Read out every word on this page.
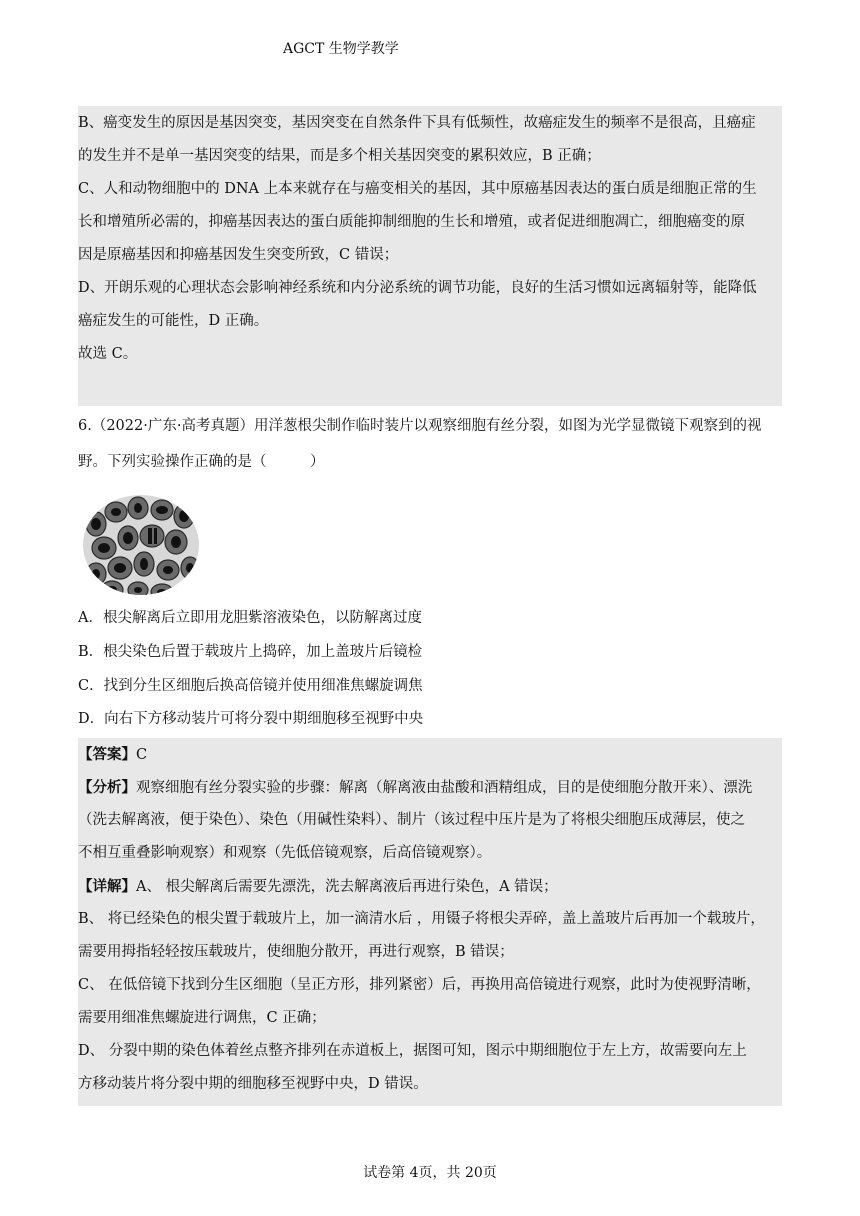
AGCT 生物学教学
B、癌变发生的原因是基因突变，基因突变在自然条件下具有低频性，故癌症发生的频率不是很高，且癌症
的发生并不是单一基因突变的结果，而是多个相关基因突变的累积效应，B 正确；
C、人和动物细胞中的 DNA 上本来就存在与癌变相关的基因，其中原癌基因表达的蛋白质是细胞正常的生
长和增殖所必需的，抑癌基因表达的蛋白质能抑制细胞的生长和增殖，或者促进细胞凋亡，细胞癌变的原
因是原癌基因和抑癌基因发生突变所致，C 错误；
D、开朗乐观的心理状态会影响神经系统和内分泌系统的调节功能，良好的生活习惯如远离辐射等，能降低
癌症发生的可能性，D 正确。
故选 C。
6.（2022·广东·高考真题）用洋葱根尖制作临时装片以观察细胞有丝分裂，如图为光学显微镜下观察到的视
野。下列实验操作正确的是（　　　）
A．根尖解离后立即用龙胆紫溶液染色，以防解离过度
B．根尖染色后置于载玻片上捣碎，加上盖玻片后镜检
C．找到分生区细胞后换高倍镜并使用细准焦螺旋调焦
D．向右下方移动装片可将分裂中期细胞移至视野中央
【答案】C
【分析】观察细胞有丝分裂实验的步骤：解离（解离液由盐酸和酒精组成，目的是使细胞分散开来）、漂洗
（洗去解离液，便于染色）、染色（用碱性染料）、制片（该过程中压片是为了将根尖细胞压成薄层，使之
不相互重叠影响观察）和观察（先低倍镜观察，后高倍镜观察）。
【详解】A、 根尖解离后需要先漂洗，洗去解离液后再进行染色，A 错误；
B、 将已经染色的根尖置于载玻片上，加一滴清水后 ，用镊子将根尖弄碎，盖上盖玻片后再加一个载玻片，
需要用拇指轻轻按压载玻片，使细胞分散开，再进行观察，B 错误；
C、 在低倍镜下找到分生区细胞（呈正方形，排列紧密）后，再换用高倍镜进行观察，此时为使视野清晰，
需要用细准焦螺旋进行调焦，C 正确；
D、 分裂中期的染色体着丝点整齐排列在赤道板上，据图可知，图示中期细胞位于左上方，故需要向左上
方移动装片将分裂中期的细胞移至视野中央，D 错误。
试卷第 4页，共 20页
